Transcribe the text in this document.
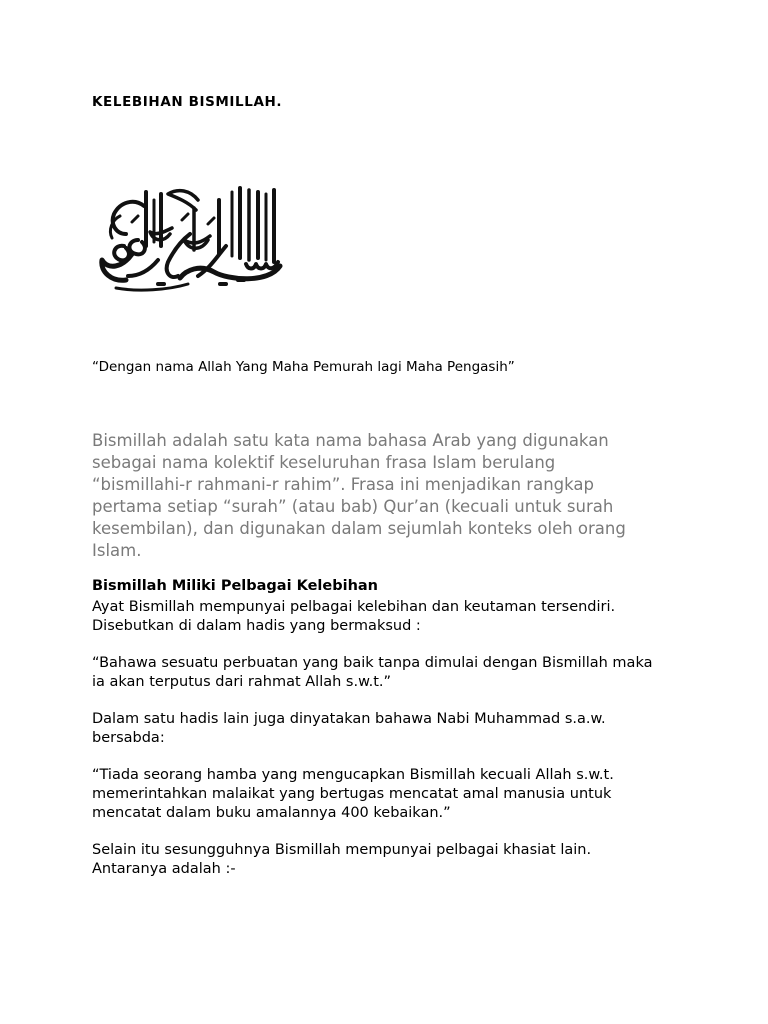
KELEBIHAN BISMILLAH.

“Dengan nama Allah Yang Maha Pemurah lagi Maha Pengasih”

Bismillah adalah satu kata nama bahasa Arab yang digunakan
sebagai nama kolektif keseluruhan frasa Islam berulang
“bismillahi-r rahmani-r rahim”. Frasa ini menjadikan rangkap
pertama setiap “surah” (atau bab) Qur’an (kecuali untuk surah
kesembilan), dan digunakan dalam sejumlah konteks oleh orang
Islam.

Bismillah Miliki Pelbagai Kelebihan

Ayat Bismillah mempunyai pelbagai kelebihan dan keutaman tersendiri.
Disebutkan di dalam hadis yang bermaksud :

“Bahawa sesuatu perbuatan yang baik tanpa dimulai dengan Bismillah maka
ia akan terputus dari rahmat Allah s.w.t.”

Dalam satu hadis lain juga dinyatakan bahawa Nabi Muhammad s.a.w.
bersabda:

“Tiada seorang hamba yang mengucapkan Bismillah kecuali Allah s.w.t.
memerintahkan malaikat yang bertugas mencatat amal manusia untuk
mencatat dalam buku amalannya 400 kebaikan.”

Selain itu sesungguhnya Bismillah mempunyai pelbagai khasiat lain.
Antaranya adalah :-
